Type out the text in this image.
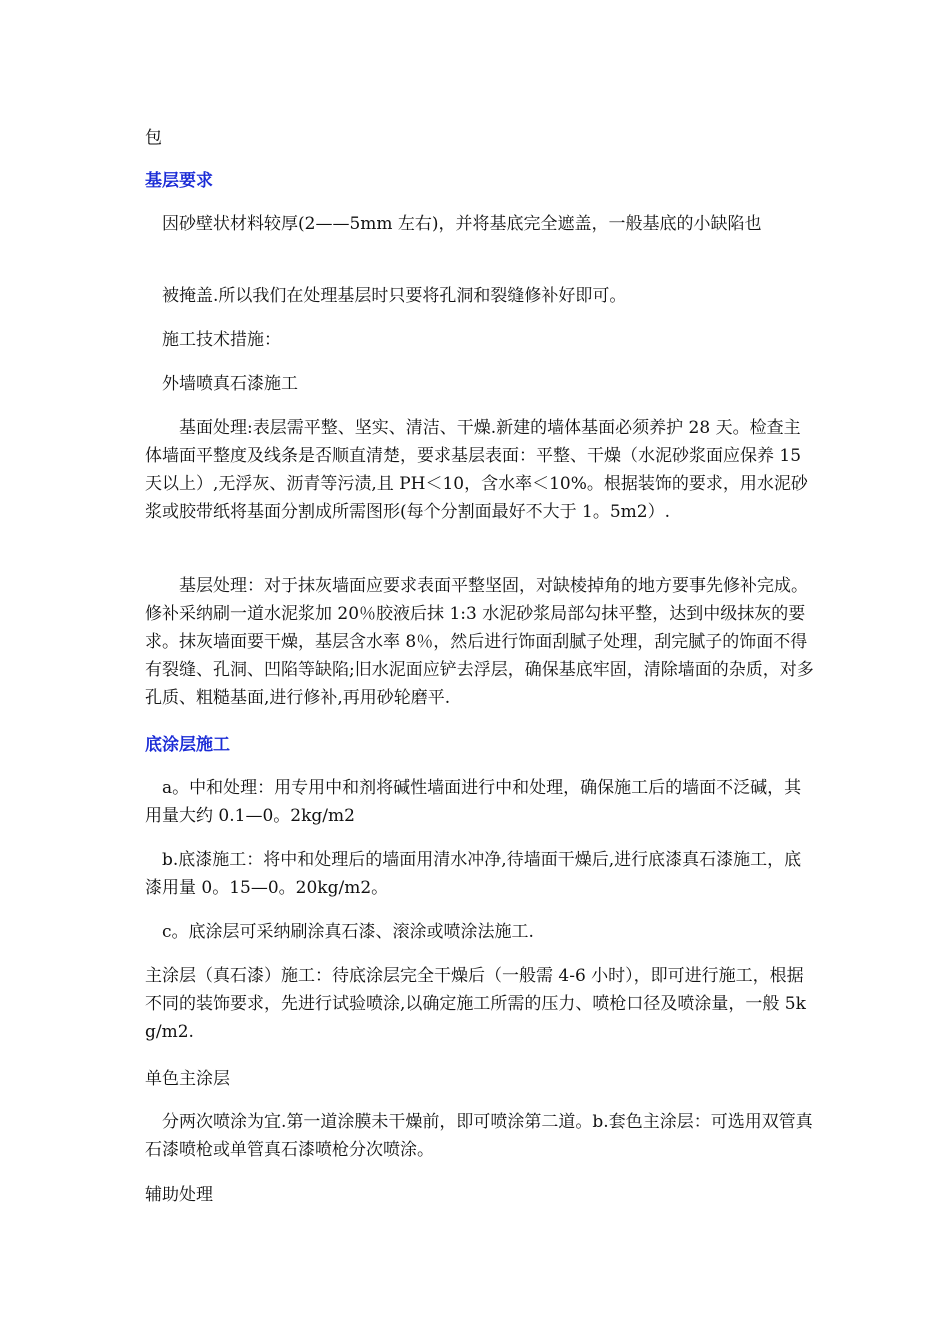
包

基层要求

因砂壁状材料较厚(2——5mm 左右)，并将基底完全遮盖，一般基底的小缺陷也

被掩盖.所以我们在处理基层时只要将孔洞和裂缝修补好即可。

施工技术措施：

外墙喷真石漆施工

基面处理:表层需平整、坚实、清洁、干燥.新建的墙体基面必须养护 28 天。检查主体墙面平整度及线条是否顺直清楚，要求基层表面：平整、干燥（水泥砂浆面应保养 15 天以上）,无浮灰、沥青等污渍,且 PH＜10，含水率＜10%。根据装饰的要求，用水泥砂浆或胶带纸将基面分割成所需图形(每个分割面最好不大于 1。5m2）.

基层处理：对于抹灰墙面应要求表面平整坚固，对缺棱掉角的地方要事先修补完成。修补采纳刷一道水泥浆加 20％胶液后抹 1:3 水泥砂浆局部勾抹平整，达到中级抹灰的要求。抹灰墙面要干燥，基层含水率 8％，然后进行饰面刮腻子处理，刮完腻子的饰面不得有裂缝、孔洞、凹陷等缺陷;旧水泥面应铲去浮层，确保基底牢固，清除墙面的杂质，对多孔质、粗糙基面,进行修补,再用砂轮磨平.

底涂层施工

a。中和处理：用专用中和剂将碱性墙面进行中和处理，确保施工后的墙面不泛碱，其用量大约 0.1—0。2kg/m2

b.底漆施工：将中和处理后的墙面用清水冲净,待墙面干燥后,进行底漆真石漆施工，底漆用量 0。15—0。20kg/m2。

c。底涂层可采纳刷涂真石漆、滚涂或喷涂法施工.

主涂层（真石漆）施工：待底涂层完全干燥后（一般需 4-6 小时），即可进行施工，根据不同的装饰要求，先进行试验喷涂,以确定施工所需的压力、喷枪口径及喷涂量，一般 5kg/m2.

单色主涂层

分两次喷涂为宜.第一道涂膜未干燥前，即可喷涂第二道。b.套色主涂层：可选用双管真石漆喷枪或单管真石漆喷枪分次喷涂。

辅助处理
